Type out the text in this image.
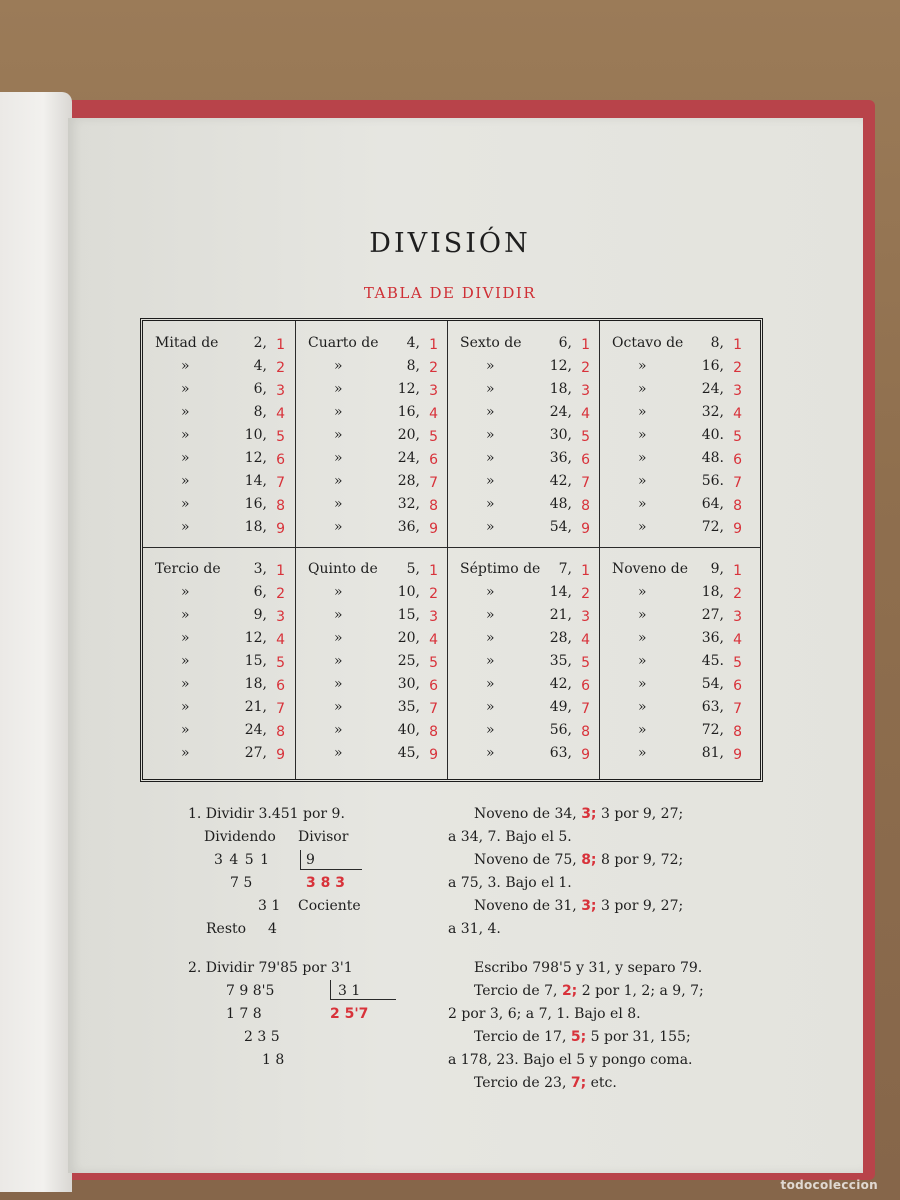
DIVISIÓN
TABLA DE DIVIDIR
Mitad de	2, 1
»	4, 2
»	6, 3
»	8, 4
»	10, 5
»	12, 6
»	14, 7
»	16, 8
»	18, 9
Cuarto de 4, 1
»	8, 2
»	12, 3
»	16, 4
»	20, 5
»	24, 6
»	28, 7
»	32, 8
»	36, 9
Sexto de	6, 1
»	12, 2
»	18, 3
»	24, 4
»	30, 5
»	36, 6
»	42, 7
»	48, 8
»	54, 9
Octavo de 8, 1
»	16, 2
»	24, 3
»	32, 4
»	40. 5
»	48. 6
»	56. 7
»	64, 8
»	72, 9
Tercio de 3, 1
»	6, 2
»	9, 3
»	12, 4
»	15, 5
»	18, 6
»	21, 7
»	24, 8
»	27, 9
Quinto de 5, 1
»	10, 2
»	15, 3
»	20, 4
»	25, 5
»	30, 6
»	35, 7
»	40, 8
»	45, 9
Séptimo de 7, 1
»	14, 2
»	21, 3
»	28, 4
»	35, 5
»	42, 6
»	49, 7
»	56, 8
»	63, 9
Noveno de 9, 1
»	18, 2
»	27, 3
»	36, 4
»	45. 5
»	54, 6
»	63, 7
»	72, 8
»	81, 9
1. Dividir 3.451 por 9.
Dividendo Divisor
3 4 5 1	9
7 5	3 8 3
3 1 Cociente
Resto 4
2. Dividir 79'85 por 3'1
7 9 8'5	3 1
1 7 8	2 5'7
2 3 5
1 8
Noveno de 34, 3; 3 por 9, 27;
a 34, 7. Bajo el 5.
Noveno de 75, 8; 8 por 9, 72;
a 75, 3. Bajo el 1.
Noveno de 31, 3; 3 por 9, 27;
a 31, 4.
Escribo 798'5 y 31, y separo 79.
Tercio de 7, 2; 2 por 1, 2; a 9, 7;
2 por 3, 6; a 7, 1. Bajo el 8.
Tercio de 17, 5; 5 por 31, 155;
a 178, 23. Bajo el 5 y pongo coma.
Tercio de 23, 7; etc.
todocoleccion
